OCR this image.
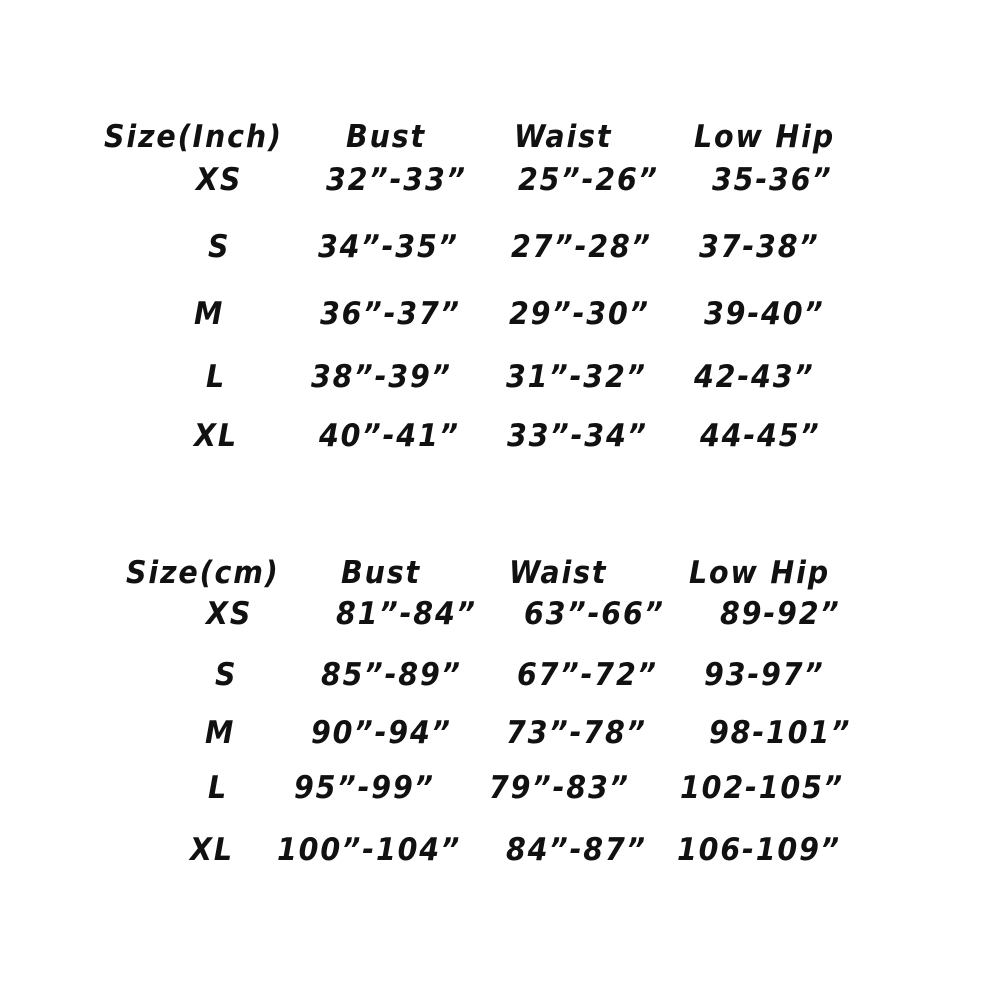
Size(Inch) Bust	Waist	Low Hip
XS	32”-33” 25”-26” 35-36”
S	34”-35” 27”-28” 37-38”
M	36”-37” 29”-30” 39-40”
L	38”-39” 31”-32” 42-43”
XL	40”-41” 33”-34” 44-45”
Size(cm) Bust	Waist	Low Hip
XS	81”-84” 63”-66” 89-92”
S	85”-89” 67”-72” 93-97”
M 90”-94” 73”-78” 98-101”
L 95”-99” 79”-83” 102-105”
XL 100”-104” 84”-87” 106-109”
